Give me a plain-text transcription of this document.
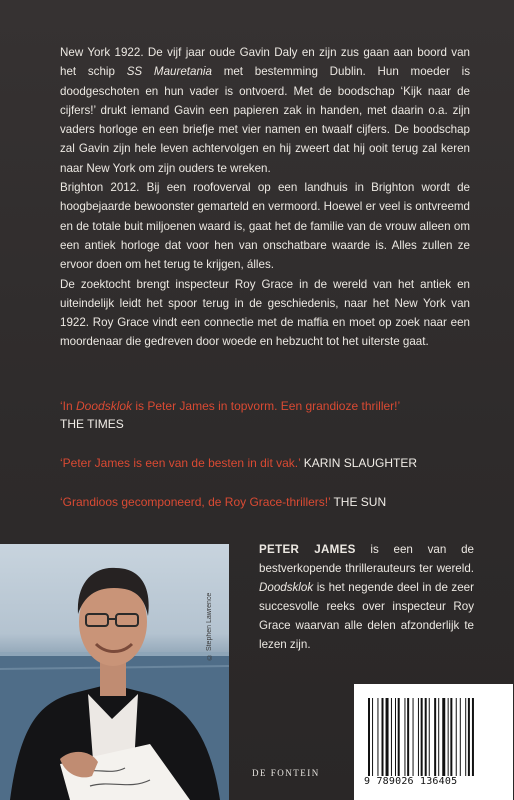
New York 1922. De vijf jaar oude Gavin Daly en zijn zus gaan aan boord van het schip SS Mauretania met bestemming Dublin. Hun moeder is doodgeschoten en hun vader is ontvoerd. Met de boodschap ‘Kijk naar de cijfers!’ drukt iemand Gavin een papieren zak in handen, met daarin o.a. zijn vaders horloge en een briefje met vier namen en twaalf cijfers. De boodschap zal Gavin zijn hele leven achtervolgen en hij zweert dat hij ooit terug zal keren naar New York om zijn ouders te wreken.

Brighton 2012. Bij een roofoverval op een landhuis in Brighton wordt de hoogbejaarde bewoonster gemarteld en vermoord. Hoewel er veel is ontvreemd en de totale buit miljoenen waard is, gaat het de familie van de vrouw alleen om een antiek horloge dat voor hen van onschatbare waarde is. Alles zullen ze ervoor doen om het terug te krijgen, álles.

De zoektocht brengt inspecteur Roy Grace in de wereld van het antiek en uiteindelijk leidt het spoor terug in de geschiedenis, naar het New York van 1922. Roy Grace vindt een connectie met de maffia en moet op zoek naar een moordenaar die gedreven door woede en hebzucht tot het uiterste gaat.

‘In Doodsklok is Peter James in topvorm. Een grandioze thriller!’
THE TIMES
‘Peter James is een van de besten in dit vak.’ KARIN SLAUGHTER
‘Grandioos gecomponeerd, de Roy Grace-thrillers!’ THE SUN
© Stephen Lawrence
PETER JAMES is een van de bestverkopende thrillerauteurs ter wereld. Doodsklok is het negende deel in de zeer succesvolle reeks over inspecteur Roy Grace waarvan alle delen afzonderlijk te lezen zijn.
9 789026 136405
DE FONTEIN
